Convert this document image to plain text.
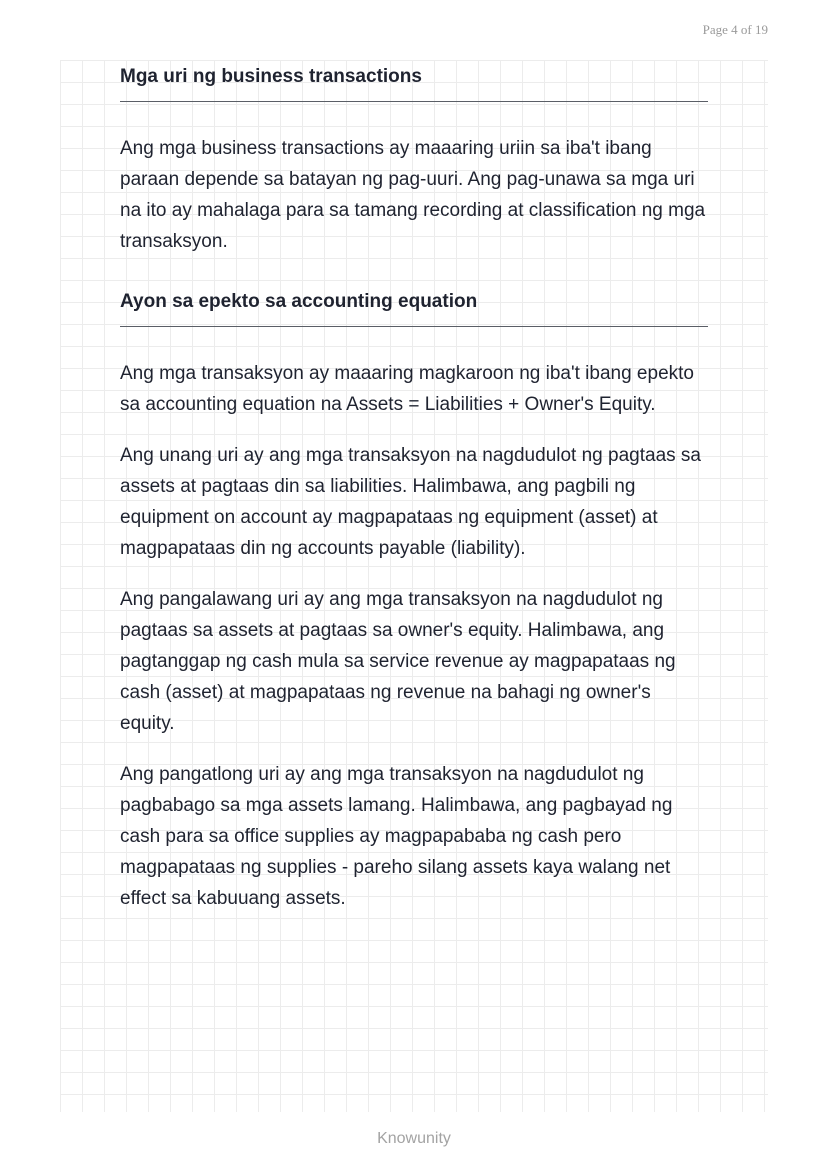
Page 4 of 19
Mga uri ng business transactions

Ang mga business transactions ay maaaring uriin sa iba't ibang paraan depende sa batayan ng pag-uuri. Ang pag-unawa sa mga uri na ito ay mahalaga para sa tamang recording at classification ng mga transaksyon.

Ayon sa epekto sa accounting equation

Ang mga transaksyon ay maaaring magkaroon ng iba't ibang epekto sa accounting equation na Assets = Liabilities + Owner's Equity.

Ang unang uri ay ang mga transaksyon na nagdudulot ng pagtaas sa assets at pagtaas din sa liabilities. Halimbawa, ang pagbili ng equipment on account ay magpapataas ng equipment (asset) at magpapataas din ng accounts payable (liability).

Ang pangalawang uri ay ang mga transaksyon na nagdudulot ng pagtaas sa assets at pagtaas sa owner's equity. Halimbawa, ang pagtanggap ng cash mula sa service revenue ay magpapataas ng cash (asset) at magpapataas ng revenue na bahagi ng owner's equity.

Ang pangatlong uri ay ang mga transaksyon na nagdudulot ng pagbabago sa mga assets lamang. Halimbawa, ang pagbayad ng cash para sa office supplies ay magpapababa ng cash pero magpapataas ng supplies - pareho silang assets kaya walang net effect sa kabuuang assets.

Knowunity
